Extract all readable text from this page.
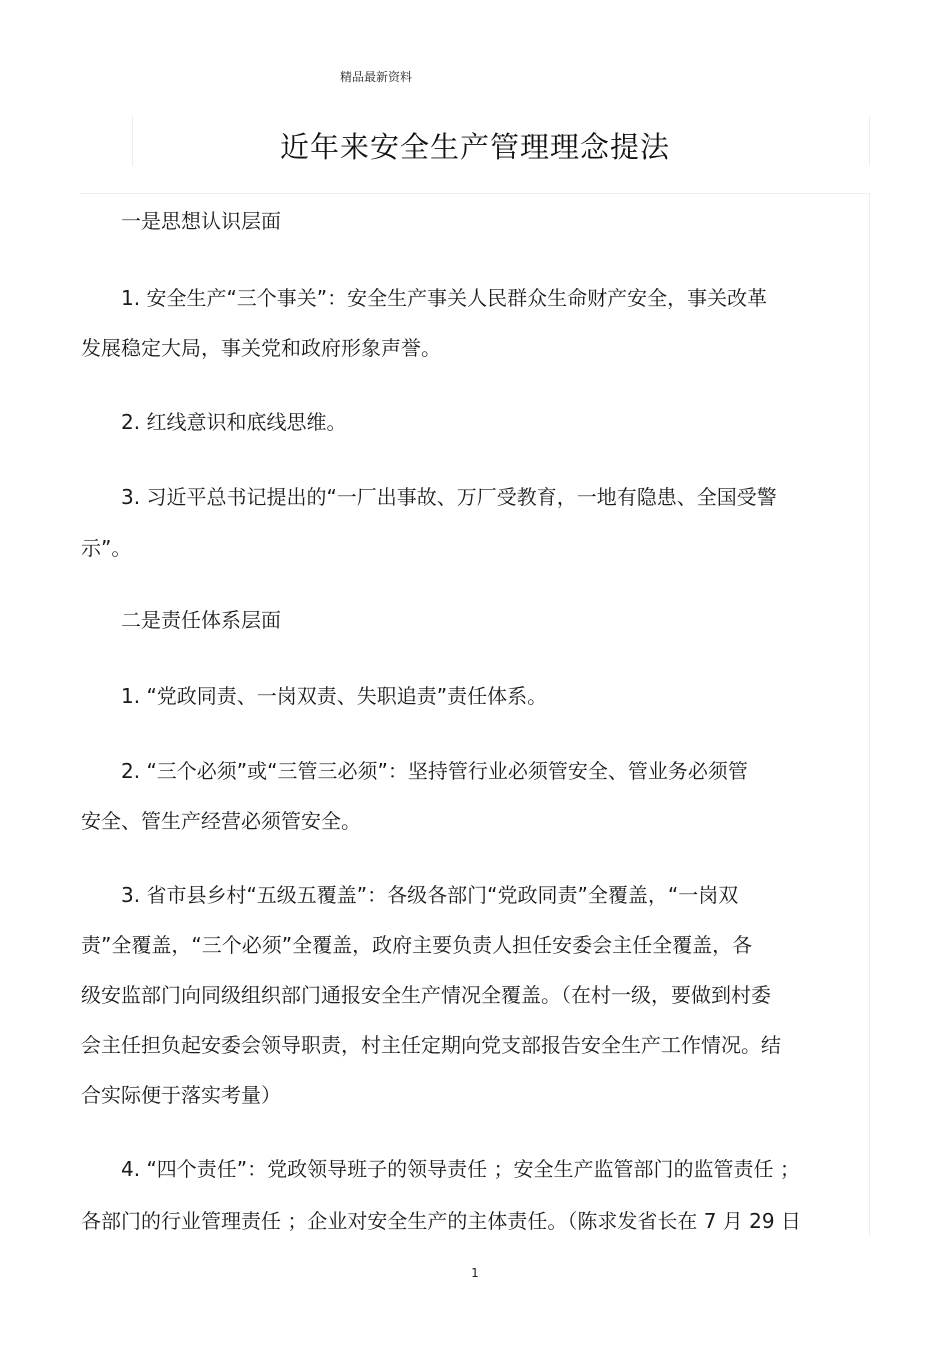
精品最新资料
近年来安全生产管理理念提法
一是思想认识层面
1. 安全生产“三个事关”：安全生产事关人民群众生命财产安全，事关改革
发展稳定大局，事关党和政府形象声誉。
2. 红线意识和底线思维。
3. 习近平总书记提出的“一厂出事故、万厂受教育，一地有隐患、全国受警
示”。
二是责任体系层面
1. “党政同责、一岗双责、失职追责”责任体系。
2. “三个必须”或“三管三必须”：坚持管行业必须管安全、管业务必须管
安全、管生产经营必须管安全。
3. 省市县乡村“五级五覆盖”：各级各部门“党政同责”全覆盖，“一岗双
责”全覆盖，“三个必须”全覆盖，政府主要负责人担任安委会主任全覆盖，各
级安监部门向同级组织部门通报安全生产情况全覆盖。（在村一级，要做到村委
会主任担负起安委会领导职责，村主任定期向党支部报告安全生产工作情况。结
合实际便于落实考量）
4. “四个责任”：党政领导班子的领导责任 ；安全生产监管部门的监管责任 ；
各部门的行业管理责任 ；企业对安全生产的主体责任。（陈求发省长在 7 月 29 日
1
